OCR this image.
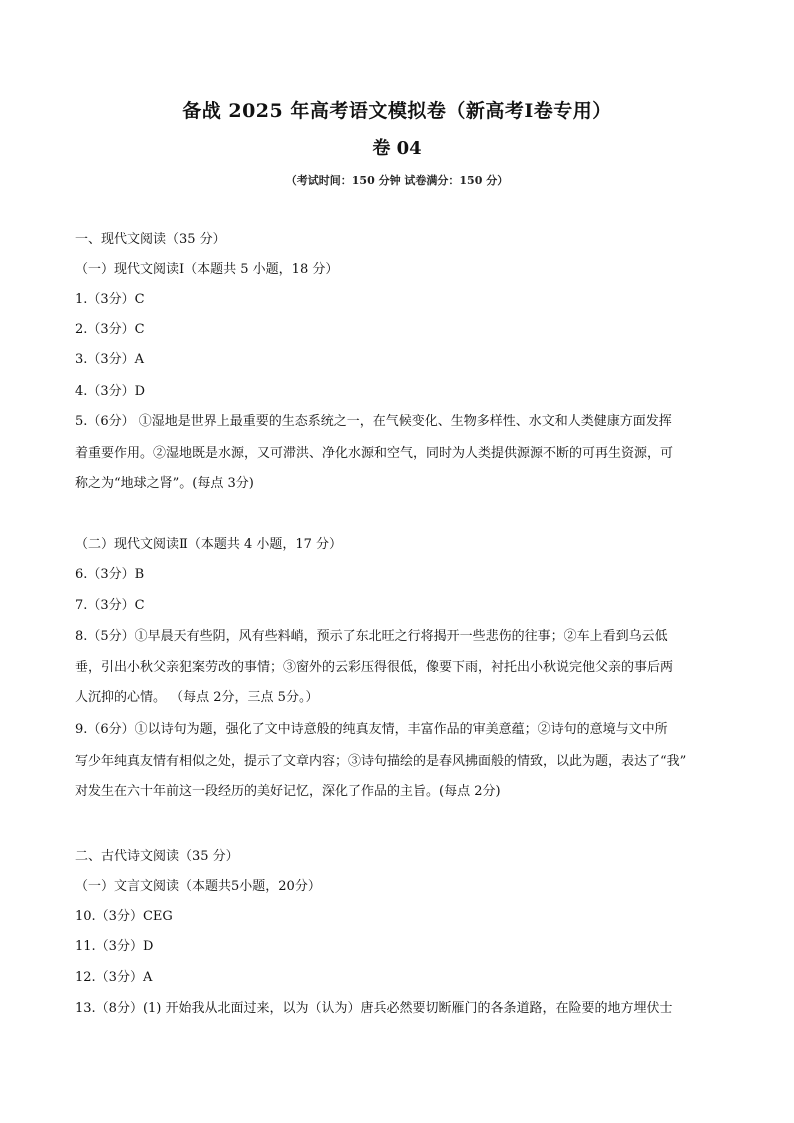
备战 2025 年高考语文模拟卷（新高考Ⅰ卷专用）
卷 04
（考试时间：150 分钟 试卷满分：150 分）
一、现代文阅读（35 分）
（一）现代文阅读Ⅰ（本题共 5 小题，18 分）
1.（3分）C
2.（3分）C
3.（3分）A
4.（3分）D
5.（6分） ①湿地是世界上最重要的生态系统之一，在气候变化、生物多样性、水文和人类健康方面发挥
着重要作用。②湿地既是水源，又可滞洪、净化水源和空气，同时为人类提供源源不断的可再生资源，可
称之为“地球之肾”。(每点 3分)
（二）现代文阅读Ⅱ（本题共 4 小题，17 分）
6.（3分）B
7.（3分）C
8.（5分）①早晨天有些阴，风有些料峭，预示了东北旺之行将揭开一些悲伤的往事；②车上看到乌云低
垂，引出小秋父亲犯案劳改的事情；③窗外的云彩压得很低，像要下雨，衬托出小秋说完他父亲的事后两
人沉抑的心情。 （每点 2分，三点 5分。）
9.（6分）①以诗句为题，强化了文中诗意般的纯真友情，丰富作品的审美意蕴；②诗句的意境与文中所
写少年纯真友情有相似之处，提示了文章内容；③诗句描绘的是春风拂面般的情致，以此为题，表达了“我”
对发生在六十年前这一段经历的美好记忆，深化了作品的主旨。(每点 2分)
二、古代诗文阅读（35 分）
（一）文言文阅读（本题共5小题，20分）
10.（3分）CEG
11.（3分）D
12.（3分）A
13.（8分）(1) 开始我从北面过来，以为（认为）唐兵必然要切断雁门的各条道路，在险要的地方埋伏士
